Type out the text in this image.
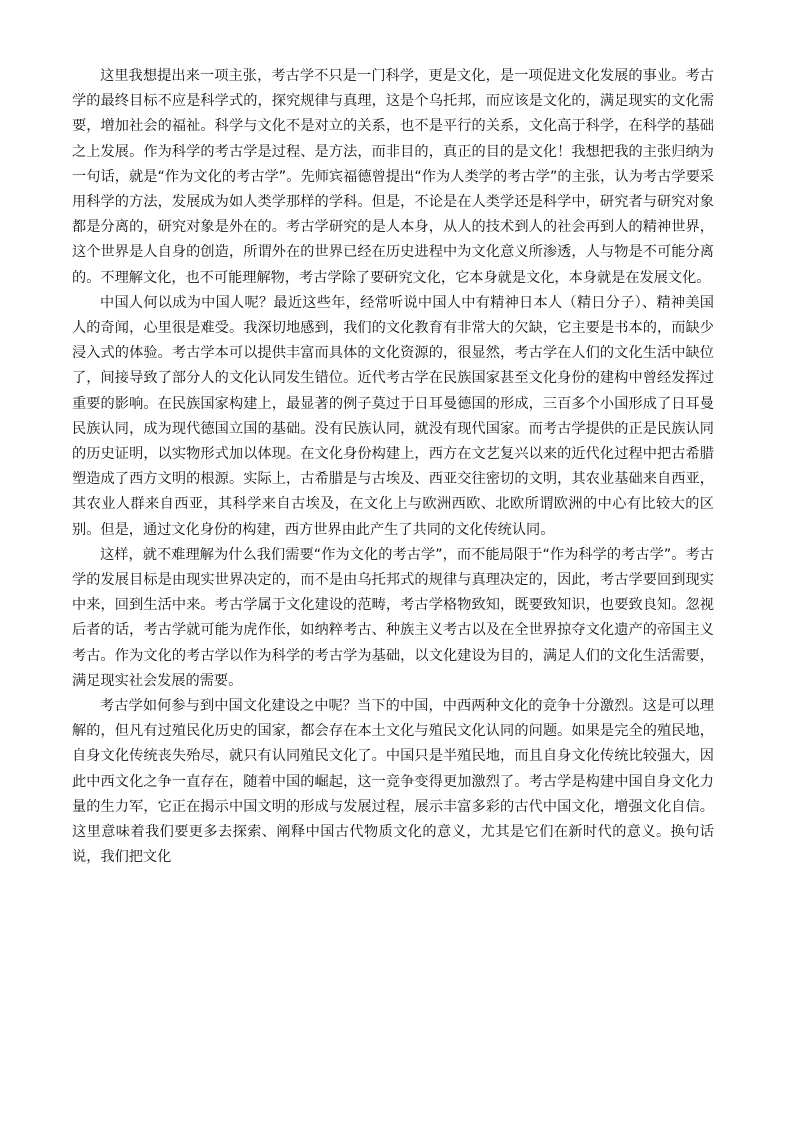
这里我想提出来一项主张，考古学不只是一门科学，更是文化，是一项促进文化发展的事业。考古学的最终目标不应是科学式的，探究规律与真理，这是个乌托邦，而应该是文化的，满足现实的文化需要，增加社会的福祉。科学与文化不是对立的关系，也不是平行的关系，文化高于科学，在科学的基础之上发展。作为科学的考古学是过程、是方法，而非目的，真正的目的是文化！我想把我的主张归纳为一句话，就是“作为文化的考古学”。先师宾福德曾提出“作为人类学的考古学”的主张，认为考古学要采用科学的方法，发展成为如人类学那样的学科。但是，不论是在人类学还是科学中，研究者与研究对象都是分离的，研究对象是外在的。考古学研究的是人本身，从人的技术到人的社会再到人的精神世界，这个世界是人自身的创造，所谓外在的世界已经在历史进程中为文化意义所渗透，人与物是不可能分离的。不理解文化，也不可能理解物，考古学除了要研究文化，它本身就是文化，本身就是在发展文化。

中国人何以成为中国人呢？最近这些年，经常听说中国人中有精神日本人（精日分子）、精神美国人的奇闻，心里很是难受。我深切地感到，我们的文化教育有非常大的欠缺，它主要是书本的，而缺少浸入式的体验。考古学本可以提供丰富而具体的文化资源的，很显然，考古学在人们的文化生活中缺位了，间接导致了部分人的文化认同发生错位。近代考古学在民族国家甚至文化身份的建构中曾经发挥过重要的影响。在民族国家构建上，最显著的例子莫过于日耳曼德国的形成，三百多个小国形成了日耳曼民族认同，成为现代德国立国的基础。没有民族认同，就没有现代国家。而考古学提供的正是民族认同的历史证明，以实物形式加以体现。在文化身份构建上，西方在文艺复兴以来的近代化过程中把古希腊塑造成了西方文明的根源。实际上，古希腊是与古埃及、西亚交往密切的文明，其农业基础来自西亚，其农业人群来自西亚，其科学来自古埃及，在文化上与欧洲西欧、北欧所谓欧洲的中心有比较大的区别。但是，通过文化身份的构建，西方世界由此产生了共同的文化传统认同。

这样，就不难理解为什么我们需要“作为文化的考古学”，而不能局限于“作为科学的考古学”。考古学的发展目标是由现实世界决定的，而不是由乌托邦式的规律与真理决定的，因此，考古学要回到现实中来，回到生活中来。考古学属于文化建设的范畴，考古学格物致知，既要致知识，也要致良知。忽视后者的话，考古学就可能为虎作伥，如纳粹考古、种族主义考古以及在全世界掠夺文化遗产的帝国主义考古。作为文化的考古学以作为科学的考古学为基础，以文化建设为目的，满足人们的文化生活需要，满足现实社会发展的需要。

考古学如何参与到中国文化建设之中呢？当下的中国，中西两种文化的竞争十分激烈。这是可以理解的，但凡有过殖民化历史的国家，都会存在本土文化与殖民文化认同的问题。如果是完全的殖民地，自身文化传统丧失殆尽，就只有认同殖民文化了。中国只是半殖民地，而且自身文化传统比较强大，因此中西文化之争一直存在，随着中国的崛起，这一竞争变得更加激烈了。考古学是构建中国自身文化力量的生力军，它正在揭示中国文明的形成与发展过程，展示丰富多彩的古代中国文化，增强文化自信。这里意味着我们要更多去探索、阐释中国古代物质文化的意义，尤其是它们在新时代的意义。换句话说，我们把文化
